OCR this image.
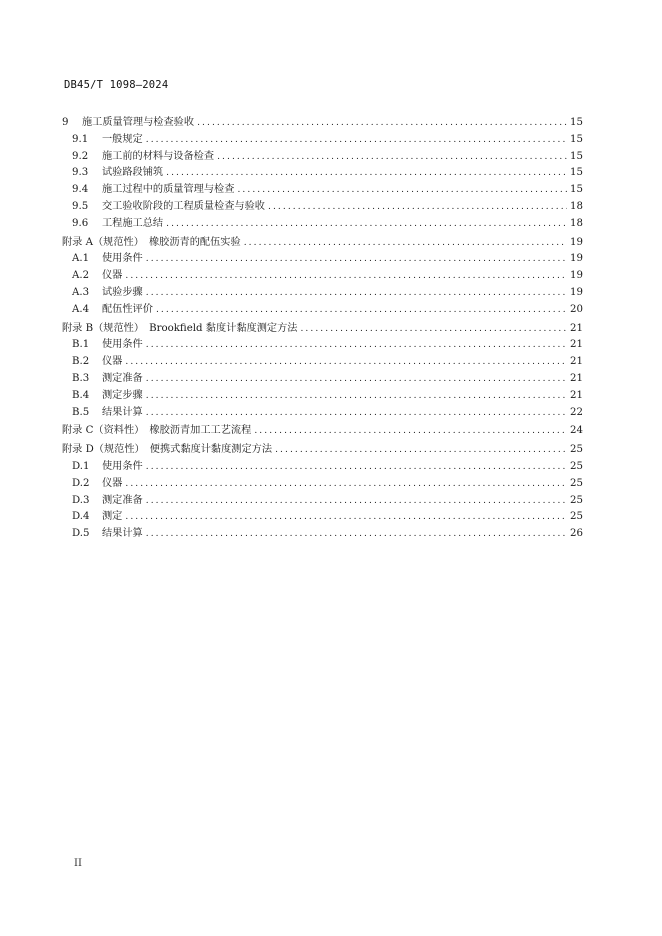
DB45/T 1098—2024
9	施工质量管理与检查验收 .....	15
9.1	一般规定 .....	15
9.2	施工前的材料与设备检查 .....	15
9.3	试验路段铺筑 .....	15
9.4	施工过程中的质量管理与检查 .....	15
9.5	交工验收阶段的工程质量检查与验收 .....	18
9.6	工程施工总结 .....	18
附录 A（规范性）　橡胶沥青的配伍实验 .....	19
A.1	使用条件 .....	19
A.2	仪器 .....	19
A.3	试验步骤 .....	19
A.4	配伍性评价 .....	20
附录 B（规范性）　Brookfield 黏度计黏度测定方法 .....	21
B.1	使用条件 .....	21
B.2	仪器 .....	21
B.3	测定准备 .....	21
B.4	测定步骤 .....	21
B.5	结果计算 .....	22
附录 C（资料性）　橡胶沥青加工工艺流程 .....	24
附录 D（规范性）　便携式黏度计黏度测定方法 .....	25
D.1	使用条件 .....	25
D.2	仪器 .....	25
D.3	测定准备 .....	25
D.4	测定 .....	25
D.5	结果计算 .....	26
II
